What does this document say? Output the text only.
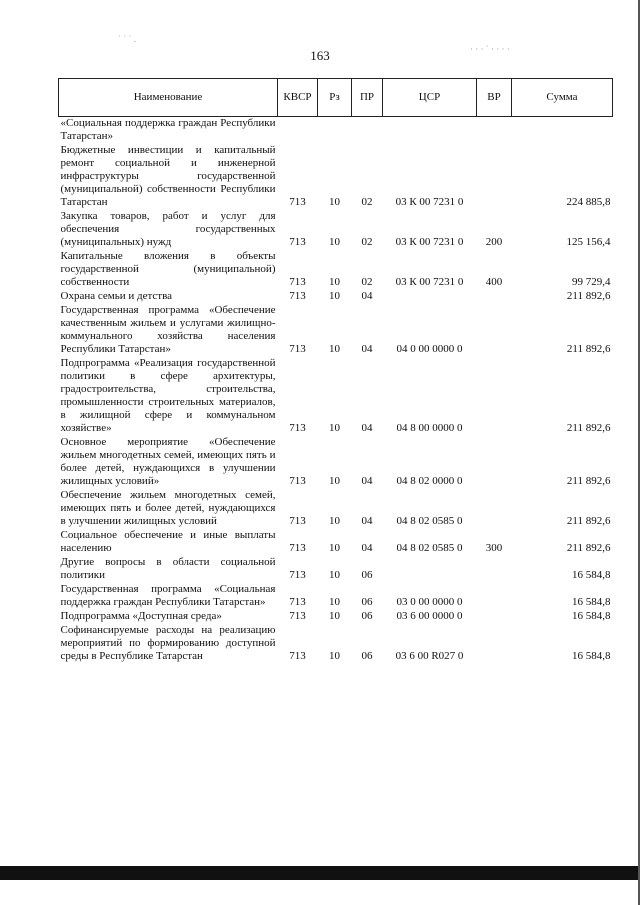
˙ ˙ ˙ .
· · · ˙ · · · ·
163
Наименование	КВСР	Рз	ПР	ЦСР	ВР	Сумма
«Социальная поддержка граждан Республики Татарстан»						
Бюджетные инвестиции и капитальный ремонт социальной и инженерной инфраструктуры государственной (муниципальной) собственности Республики Татарстан	713	10	02	03 К 00 7231 0		224 885,8
Закупка товаров, работ и услуг для обеспечения государственных (муниципальных) нужд	713	10	02	03 К 00 7231 0	200	125 156,4
Капитальные вложения в объекты государственной (муниципальной) собственности	713	10	02	03 К 00 7231 0	400	99 729,4
Охрана семьи и детства	713	10	04			211 892,6
Государственная программа «Обеспечение качественным жильем и услугами жилищно-коммунального хозяйства населения Республики Татарстан»	713	10	04	04 0 00 0000 0		211 892,6
Подпрограмма «Реализация государственной политики в сфере архитектуры, градостроительства, строительства, промышленности строительных материалов, в жилищной сфере и коммунальном хозяйстве»	713	10	04	04 8 00 0000 0		211 892,6
Основное мероприятие «Обеспечение жильем многодетных семей, имеющих пять и более детей, нуждающихся в улучшении жилищных условий»	713	10	04	04 8 02 0000 0		211 892,6
Обеспечение жильем многодетных семей, имеющих пять и более детей, нуждающихся в улучшении жилищных условий	713	10	04	04 8 02 0585 0		211 892,6
Социальное обеспечение и иные выплаты населению	713	10	04	04 8 02 0585 0	300	211 892,6
Другие вопросы в области социальной политики	713	10	06			16 584,8
Государственная программа «Социальная поддержка граждан Республики Татарстан»	713	10	06	03 0 00 0000 0		16 584,8
Подпрограмма «Доступная среда»	713	10	06	03 6 00 0000 0		16 584,8
Софинансируемые расходы на реализацию мероприятий по формированию доступной среды в Республике Татарстан	713	10	06	03 6 00 R027 0		16 584,8
